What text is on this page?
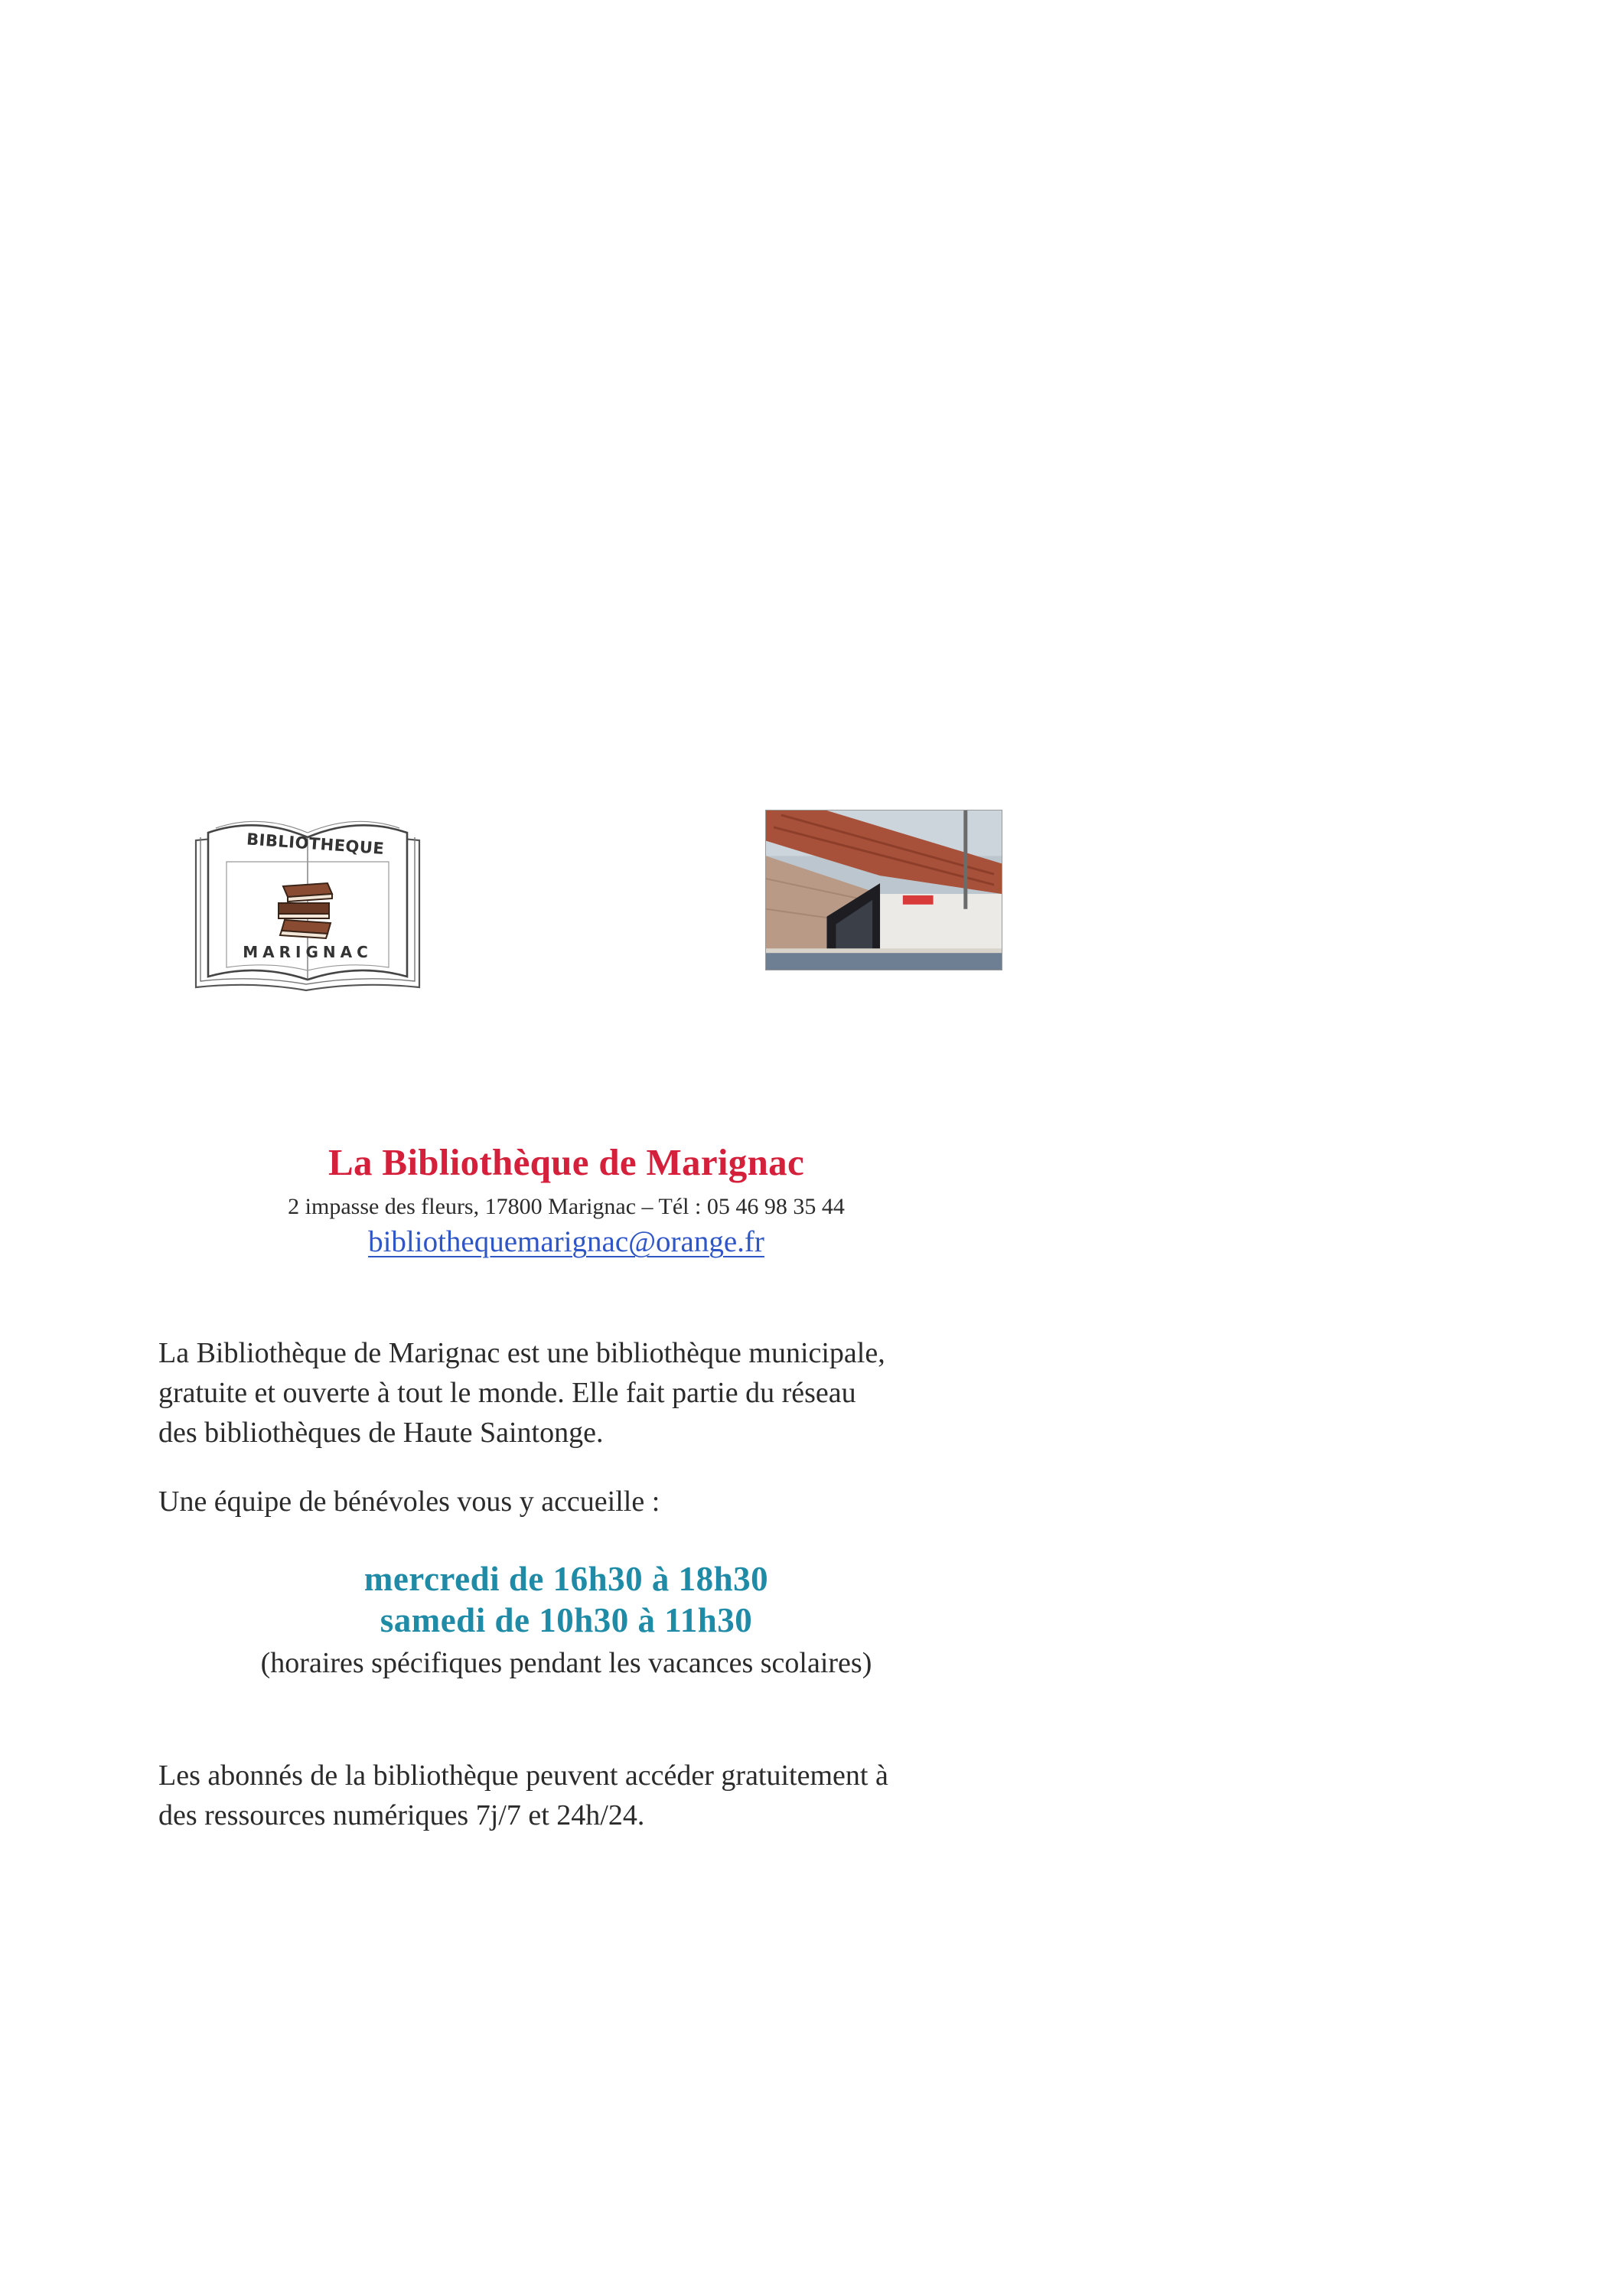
BIBLIOTHEQUE
MARIGNAC
La Bibliothèque de Marignac
2 impasse des fleurs, 17800 Marignac – Tél : 05 46 98 35 44
bibliothequemarignac@orange.fr

La Bibliothèque de Marignac est une bibliothèque municipale,
gratuite et ouverte à tout le monde. Elle fait partie du réseau
des bibliothèques de Haute Saintonge.

Une équipe de bénévoles vous y accueille :

mercredi de 16h30 à 18h30
samedi de 10h30 à 11h30
(horaires spécifiques pendant les vacances scolaires)

Les abonnés de la bibliothèque peuvent accéder gratuitement à
des ressources numériques 7j/7 et 24h/24.
